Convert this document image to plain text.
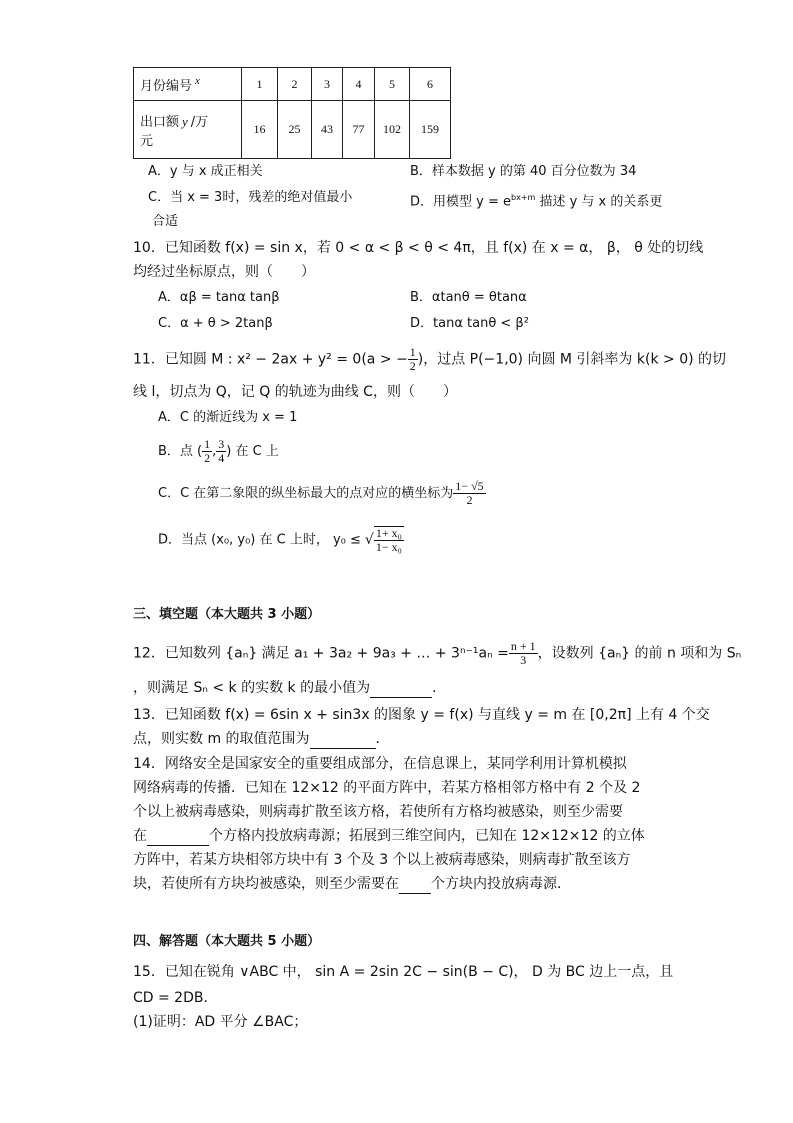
月份编号 $^x$	1	2	3	4	5	6
出口额 y /万
元	16	25	43	77	102	159
A．y 与 x 成正相关	B．样本数据 y 的第 40 百分位数为 34
C．当 x = 3时，残差的绝对值最小	D．用模型 $y = e^{bx+m}$ 描述 y 与 x 的关系更
合适
10．已知函数 f(x) = sin x，若 0 < α < β < θ < 4π，且 f(x) 在 x = α， β， θ 处的切线
均经过坐标原点，则（　　）
A．αβ = tanα tanβ	B．αtanθ = θtanα
C．α + θ > 2tanβ	D．tanα tanθ < β²
11．已知圆 M : x² − 2ax + y² = 0(a > − $\frac{1}{2}$ )，过点 P(−1,0) 向圆 M 引斜率为 k(k > 0) 的切
线 l，切点为 Q，记 Q 的轨迹为曲线 C，则（　　）
A．C 的渐近线为 x = 1
B．点 ( $\frac{1}{2}$ , $\frac{3}{4}$ ) 在 C 上
C．C 在第二象限的纵坐标最大的点对应的横坐标为 $\frac{1- √5}{2}$
D．当点 (x₀, y₀) 在 C 上时， y₀ ≤ √ $\frac{\text{1+ x₀}}{\text{1− x₀}}$
三、填空题（本大题共 3 小题）
12．已知数列 {aₙ} 满足 a₁ + 3a₂ + 9a₃ + … + $3^{n-1}a_n = \frac{n + 1}{3}$ ，设数列 {aₙ} 的前 n 项和为 Sₙ
，则满足 Sₙ < k 的实数 k 的最小值为	．
13．已知函数 f(x) = 6sin x + sin3x 的图象 y = f(x) 与直线 y = m 在 [0,2π] 上有 4 个交
点，则实数 m 的取值范围为	．
14．网络安全是国家安全的重要组成部分，在信息课上，某同学利用计算机模拟
网络病毒的传播．已知在 12×12 的平面方阵中，若某方格相邻方格中有 2 个及 2
个以上被病毒感染，则病毒扩散至该方格，若使所有方格均被感染，则至少需要
在	个方格内投放病毒源；拓展到三维空间内，已知在 12×12×12 的立体
方阵中，若某方块相邻方块中有 3 个及 3 个以上被病毒感染，则病毒扩散至该方
块，若使所有方块均被感染，则至少需要在 个方块内投放病毒源．
四、解答题（本大题共 5 小题）
15．已知在锐角 ∨ABC 中， sin A = 2sin 2C − sin(B − C)， D 为 BC 边上一点，且
CD = 2DB．
(1)证明：AD 平分 ∠BAC；
